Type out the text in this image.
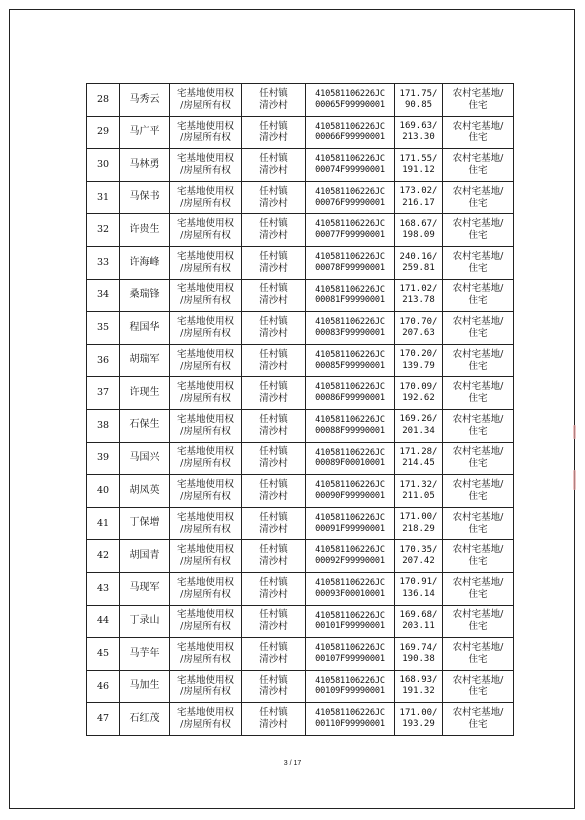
28	马秀云	宅基地使用权
/房屋所有权	任村镇
清沙村	410581106226JC
00065F99990001	171.75/
90.85	农村宅基地/
住宅

29	马广平	宅基地使用权
/房屋所有权	任村镇
清沙村	410581106226JC
00066F99990001	169.63/
213.30	农村宅基地/
住宅

30	马林勇	宅基地使用权
/房屋所有权	任村镇
清沙村	410581106226JC
00074F99990001	171.55/
191.12	农村宅基地/
住宅

31	马保书	宅基地使用权
/房屋所有权	任村镇
清沙村	410581106226JC
00076F99990001	173.02/
216.17	农村宅基地/
住宅

32	许贵生	宅基地使用权
/房屋所有权	任村镇
清沙村	410581106226JC
00077F99990001	168.67/
198.09	农村宅基地/
住宅

33	许海峰	宅基地使用权
/房屋所有权	任村镇
清沙村	410581106226JC
00078F99990001	240.16/
259.81	农村宅基地/
住宅

34	桑瑞锋	宅基地使用权
/房屋所有权	任村镇
清沙村	410581106226JC
00081F99990001	171.02/
213.78	农村宅基地/
住宅

35	程国华	宅基地使用权
/房屋所有权	任村镇
清沙村	410581106226JC
00083F99990001	170.70/
207.63	农村宅基地/
住宅

36	胡瑞军	宅基地使用权
/房屋所有权	任村镇
清沙村	410581106226JC
00085F99990001	170.20/
139.79	农村宅基地/
住宅

37	许现生	宅基地使用权
/房屋所有权	任村镇
清沙村	410581106226JC
00086F99990001	170.09/
192.62	农村宅基地/
住宅

38	石保生	宅基地使用权
/房屋所有权	任村镇
清沙村	410581106226JC
00088F99990001	169.26/
201.34	农村宅基地/
住宅

39	马国兴	宅基地使用权
/房屋所有权	任村镇
清沙村	410581106226JC
00089F00010001	171.28/
214.45	农村宅基地/
住宅

40	胡凤英	宅基地使用权
/房屋所有权	任村镇
清沙村	410581106226JC
00090F99990001	171.32/
211.05	农村宅基地/
住宅

41	丁保增	宅基地使用权
/房屋所有权	任村镇
清沙村	410581106226JC
00091F99990001	171.00/
218.29	农村宅基地/
住宅

42	胡国青	宅基地使用权
/房屋所有权	任村镇
清沙村	410581106226JC
00092F99990001	170.35/
207.42	农村宅基地/
住宅

43	马现军	宅基地使用权
/房屋所有权	任村镇
清沙村	410581106226JC
00093F00010001	170.91/
136.14	农村宅基地/
住宅

44	丁录山	宅基地使用权
/房屋所有权	任村镇
清沙村	410581106226JC
00101F99990001	169.68/
203.11	农村宅基地/
住宅

45	马芋年	宅基地使用权
/房屋所有权	任村镇
清沙村	410581106226JC
00107F99990001	169.74/
190.38	农村宅基地/
住宅

46	马加生	宅基地使用权
/房屋所有权	任村镇
清沙村	410581106226JC
00109F99990001	168.93/
191.32	农村宅基地/
住宅

47	石红茂	宅基地使用权
/房屋所有权	任村镇
清沙村	410581106226JC
00110F99990001	171.00/
193.29	农村宅基地/
住宅
3 / 17
